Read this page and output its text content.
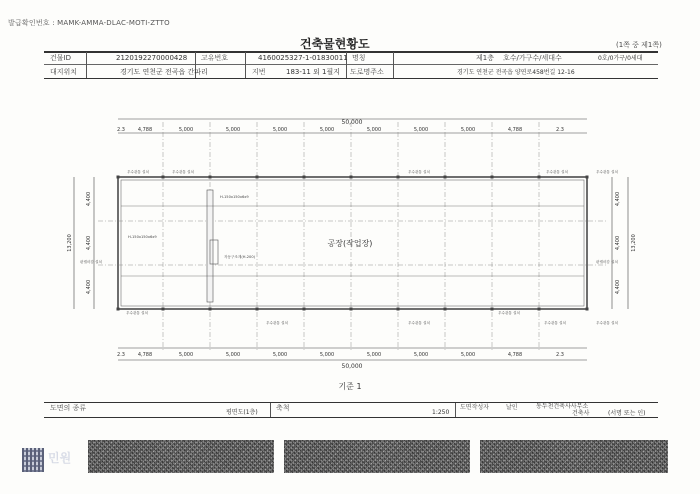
발급확인번호 : MAMK-AMMA-DLAC-MOTI-ZTTO
건축물현황도	(1쪽 중 제1쪽)
건물ID	2120192270000428 고유번호	4160025327-1-01830011 명칭	제1층 호수/가구수/세대수	0호/0가구/0세대
대지위치	경기도 연천군 전곡읍 간파리	지번	183-11 외 1필지 도로명주소	경기도 연천군 전곡읍 양연로458번길 12-16
50,000
50,000
공장(작업장)
기준 1
우수관통 설치	우수관통 설치	우수관통 설치	우수관통 설치	우수관통 설치
H-150x150x6x9
H-150x150x6x9
자동구조계(H-200)
판넬마감 설치	판넬마감 설치
우수관통 설치
우수관통 설치	우수관통 설치
우수관통 설치
우수관통 설치	우수관통 설치
2.3	4,788	5,000	5,000	5,000	5,000	5,000	5,000	5,000	4,788	2.3
2.3	4,788	5,000	5,000	5,000	5,000	5,000	5,000	5,000	4,788	2.3
4,400
4,400
4,400
13,200
4,400
4,400
4,400
13,200
도면의 종류
평면도(1층)
축척
1:250
도면작성자	날인	동두천건축사사무소
건축사	(서명 또는 인)
민원
